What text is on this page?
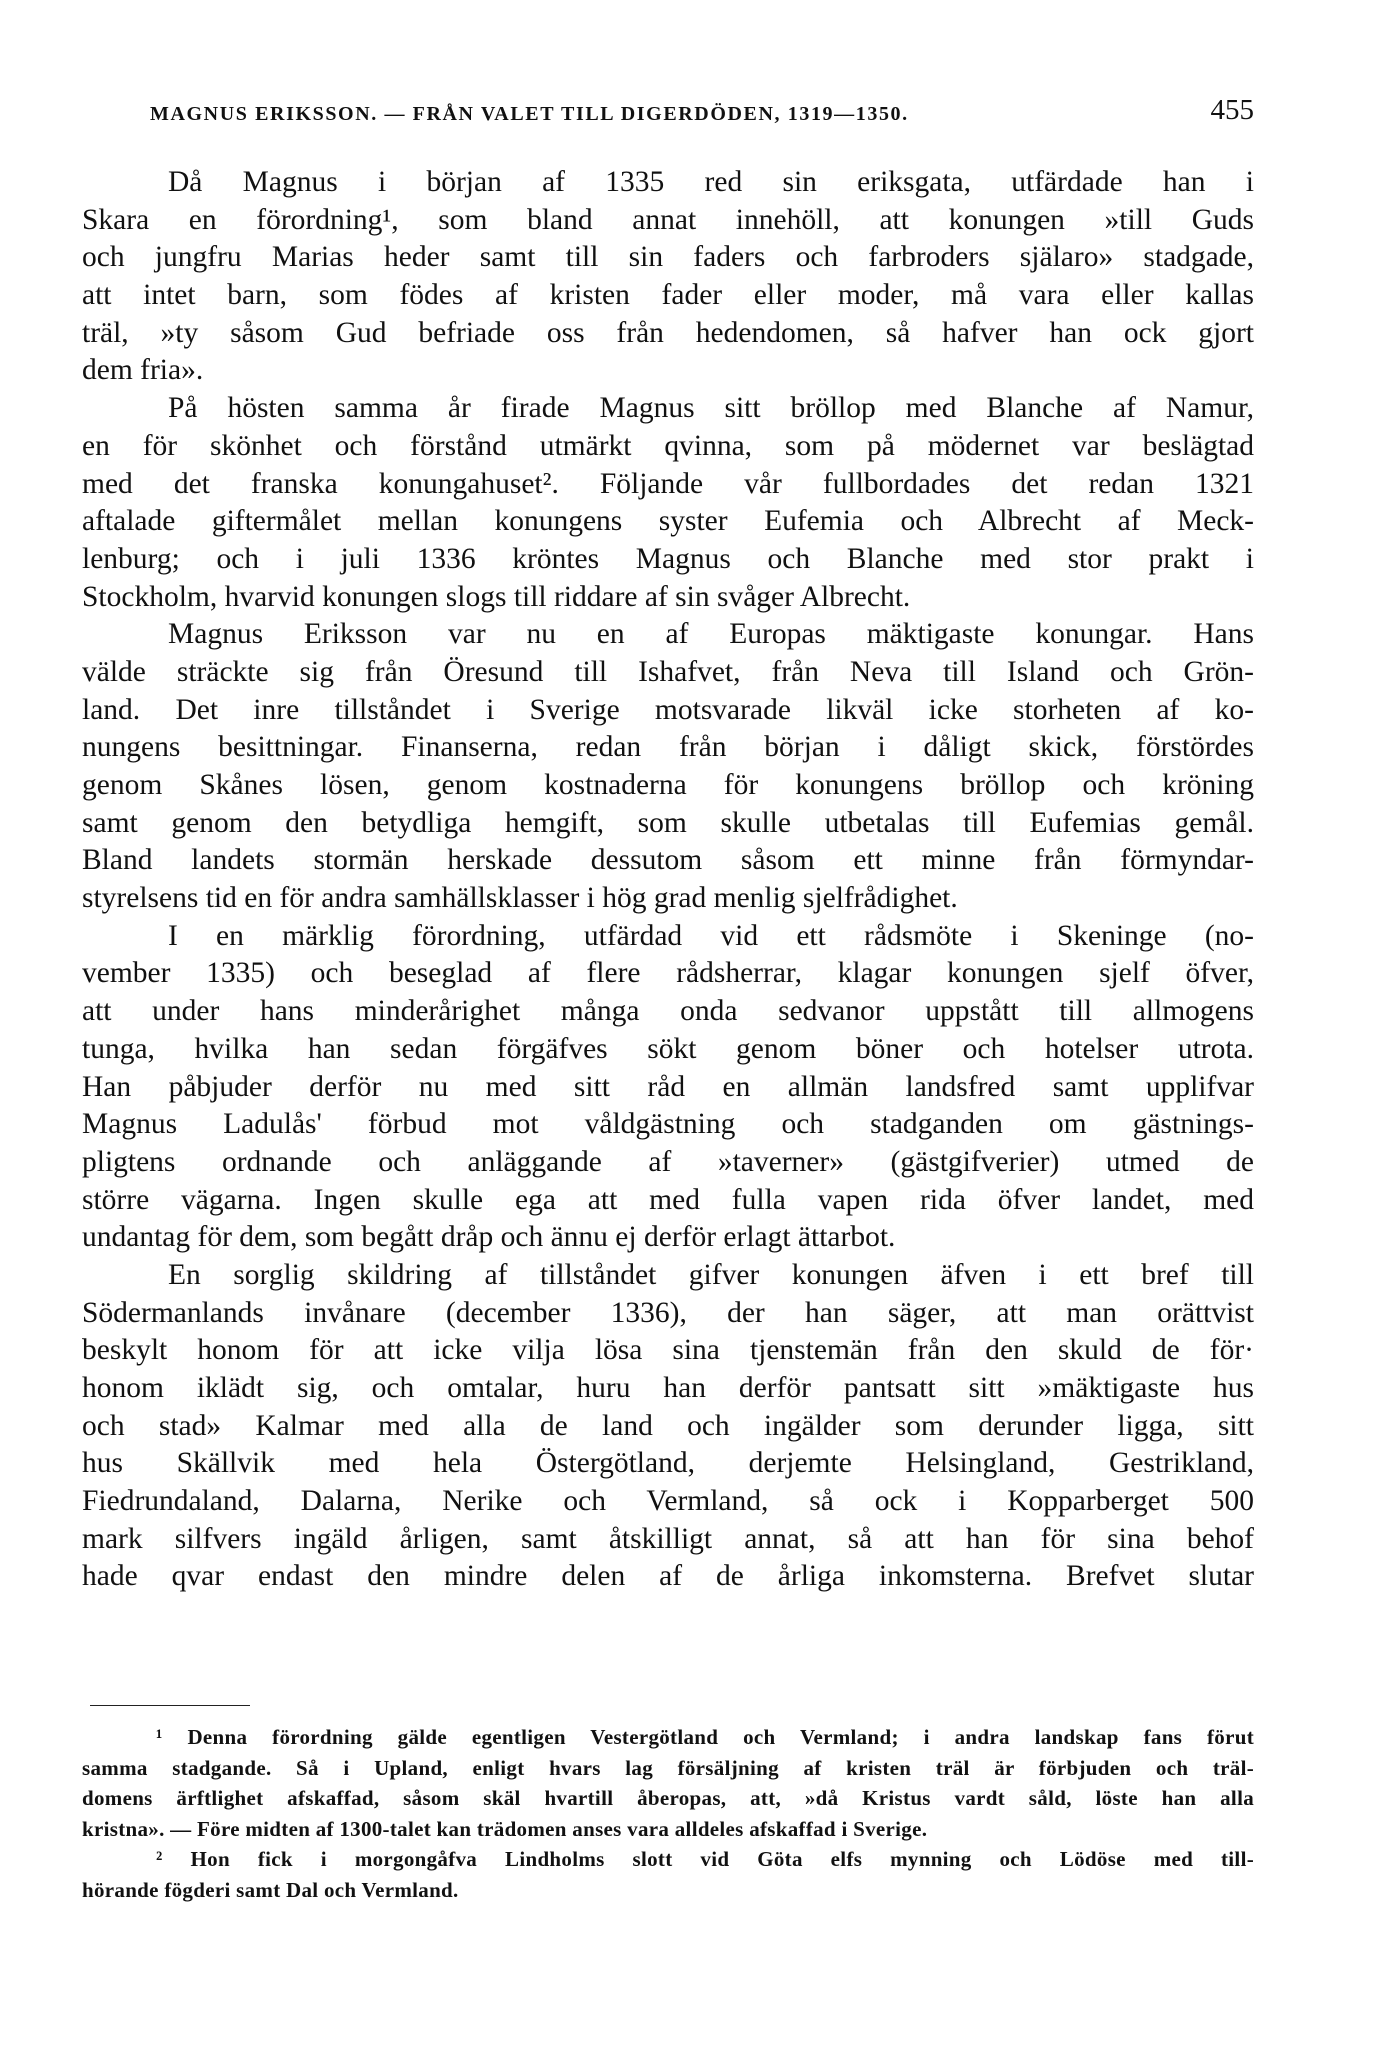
MAGNUS ERIKSSON. — FRÅN VALET TILL DIGERDÖDEN, 1319—1350.	455
Då Magnus i början af 1335 red sin eriksgata, utfärdade han i
Skara en förordning¹, som bland annat innehöll, att konungen »till Guds
och jungfru Marias heder samt till sin faders och farbroders själaro» stadgade,
att intet barn, som födes af kristen fader eller moder, må vara eller kallas
träl, »ty såsom Gud befriade oss från hedendomen, så hafver han ock gjort
dem fria».
På hösten samma år firade Magnus sitt bröllop med Blanche af Namur,
en för skönhet och förstånd utmärkt qvinna, som på mödernet var beslägtad
med det franska konungahuset². Följande vår fullbordades det redan 1321
aftalade giftermålet mellan konungens syster Eufemia och Albrecht af Meck-
lenburg; och i juli 1336 kröntes Magnus och Blanche med stor prakt i
Stockholm, hvarvid konungen slogs till riddare af sin svåger Albrecht.
Magnus Eriksson var nu en af Europas mäktigaste konungar. Hans
välde sträckte sig från Öresund till Ishafvet, från Neva till Island och Grön-
land. Det inre tillståndet i Sverige motsvarade likväl icke storheten af ko-
nungens besittningar. Finanserna, redan från början i dåligt skick, förstördes
genom Skånes lösen, genom kostnaderna för konungens bröllop och kröning
samt genom den betydliga hemgift, som skulle utbetalas till Eufemias gemål.
Bland landets stormän herskade dessutom såsom ett minne från förmyndar-
styrelsens tid en för andra samhällsklasser i hög grad menlig sjelfrådighet.
I en märklig förordning, utfärdad vid ett rådsmöte i Skeninge (no-
vember 1335) och beseglad af flere rådsherrar, klagar konungen sjelf öfver,
att under hans minderårighet många onda sedvanor uppstått till allmogens
tunga, hvilka han sedan förgäfves sökt genom böner och hotelser utrota.
Han påbjuder derför nu med sitt råd en allmän landsfred samt upplifvar
Magnus Ladulås' förbud mot våldgästning och stadganden om gästnings-
pligtens ordnande och anläggande af »taverner» (gästgifverier) utmed de
större vägarna. Ingen skulle ega att med fulla vapen rida öfver landet, med
undantag för dem, som begått dråp och ännu ej derför erlagt ättarbot.
En sorglig skildring af tillståndet gifver konungen äfven i ett bref till
Södermanlands invånare (december 1336), der han säger, att man orättvist
beskylt honom för att icke vilja lösa sina tjenstemän från den skuld de för·
honom iklädt sig, och omtalar, huru han derför pantsatt sitt »mäktigaste hus
och stad» Kalmar med alla de land och ingälder som derunder ligga, sitt
hus Skällvik med hela Östergötland, derjemte Helsingland, Gestrikland,
Fiedrundaland, Dalarna, Nerike och Vermland, så ock i Kopparberget 500
mark silfvers ingäld årligen, samt åtskilligt annat, så att han för sina behof
hade qvar endast den mindre delen af de årliga inkomsterna. Brefvet slutar
¹ Denna förordning gälde egentligen Vestergötland och Vermland; i andra landskap fans förut
samma stadgande. Så i Upland, enligt hvars lag försäljning af kristen träl är förbjuden och träl-
domens ärftlighet afskaffad, såsom skäl hvartill åberopas, att, »då Kristus vardt såld, löste han alla
kristna». — Före midten af 1300-talet kan trädomen anses vara alldeles afskaffad i Sverige.
² Hon fick i morgongåfva Lindholms slott vid Göta elfs mynning och Lödöse med till-
hörande fögderi samt Dal och Vermland.
